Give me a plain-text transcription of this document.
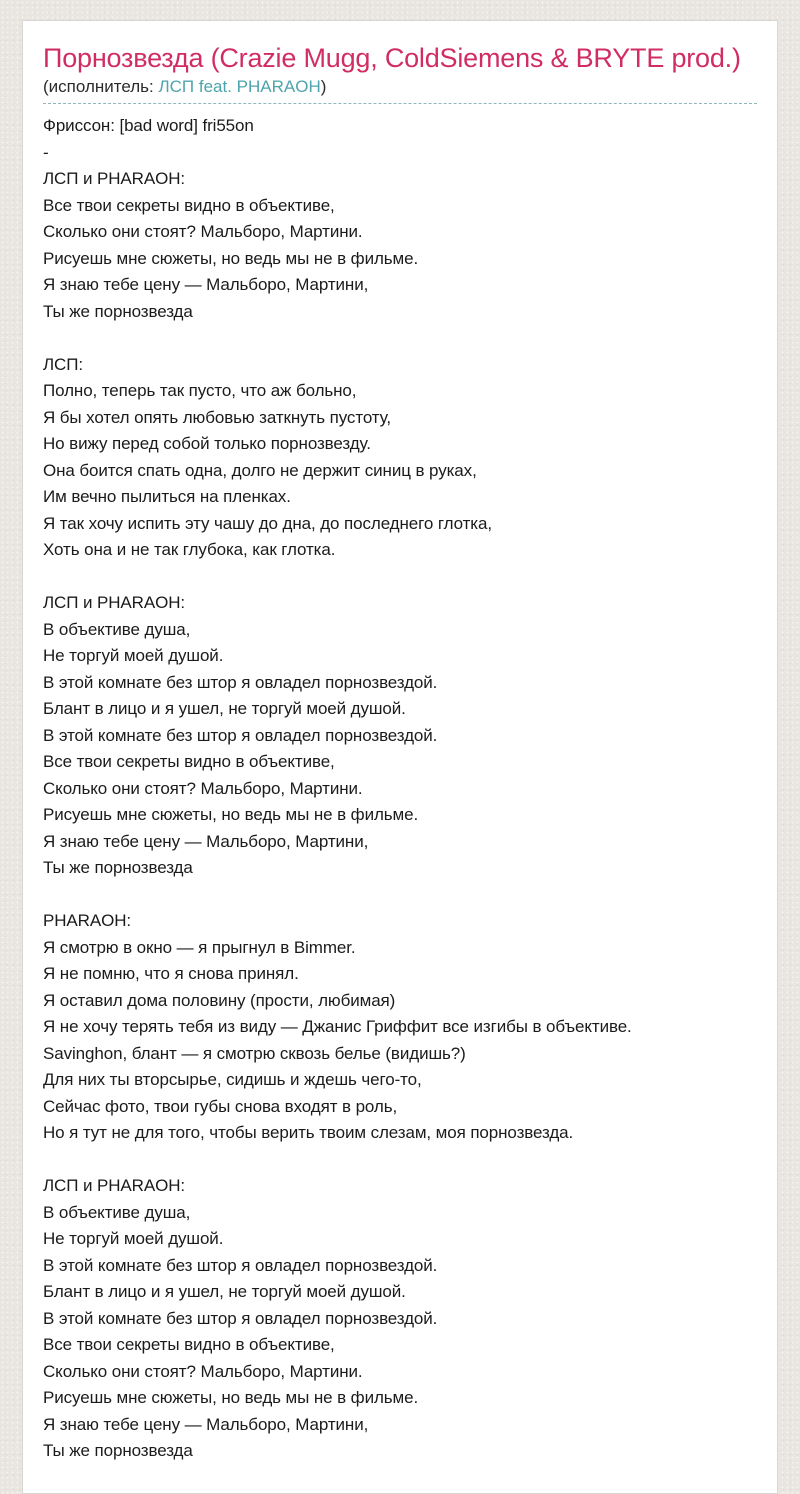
Порнозвезда (Crazie Mugg, ColdSiemens & BRYTE prod.)
(исполнитель: ЛСП feat. PHARAOH)
Фриссон: [bad word] fri55on
-
ЛСП и PHARAOH:
Все твои секреты видно в объективе,
Сколько они стоят? Мальборо, Мартини.
Рисуешь мне сюжеты, но ведь мы не в фильме.
Я знаю тебе цену — Мальборо, Мартини,
Ты же порнозвезда
ЛСП:
Полно, теперь так пусто, что аж больно,
Я бы хотел опять любовью заткнуть пустоту,
Но вижу перед собой только порнозвезду.
Она боится спать одна, долго не держит синиц в руках,
Им вечно пылиться на пленках.
Я так хочу испить эту чашу до дна, до последнего глотка,
Хоть она и не так глубока, как глотка.
ЛСП и PHARAOH:
В объективе душа,
Не торгуй моей душой.
В этой комнате без штор я овладел порнозвездой.
Блант в лицо и я ушел, не торгуй моей душой.
В этой комнате без штор я овладел порнозвездой.
Все твои секреты видно в объективе,
Сколько они стоят? Мальборо, Мартини.
Рисуешь мне сюжеты, но ведь мы не в фильме.
Я знаю тебе цену — Мальборо, Мартини,
Ты же порнозвезда
PHARAOH:
Я смотрю в окно — я прыгнул в Bimmer.
Я не помню, что я снова принял.
Я оставил дома половину (прости, любимая)
Я не хочу терять тебя из виду — Джанис Гриффит все изгибы в объективе.
Savinghon, блант — я смотрю сквозь белье (видишь?)
Для них ты вторсырье, сидишь и ждешь чего-то,
Сейчас фото, твои губы снова входят в роль,
Но я тут не для того, чтобы верить твоим слезам, моя порнозвезда.
ЛСП и PHARAOH:
В объективе душа,
Не торгуй моей душой.
В этой комнате без штор я овладел порнозвездой.
Блант в лицо и я ушел, не торгуй моей душой.
В этой комнате без штор я овладел порнозвездой.
Все твои секреты видно в объективе,
Сколько они стоят? Мальборо, Мартини.
Рисуешь мне сюжеты, но ведь мы не в фильме.
Я знаю тебе цену — Мальборо, Мартини,
Ты же порнозвезда
